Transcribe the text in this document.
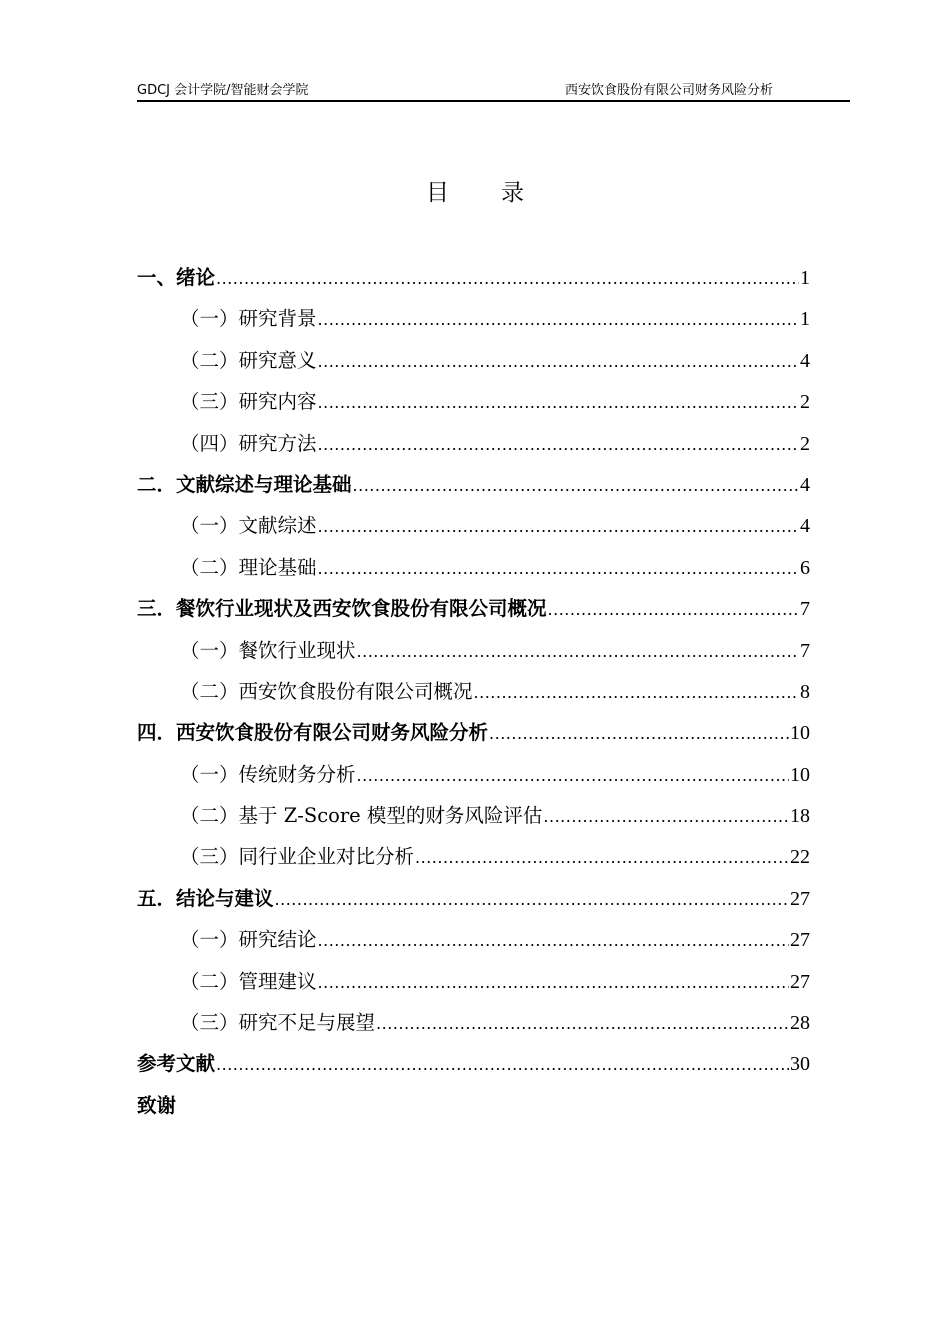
GDCJ 会计学院/智能财会学院	西安饮食股份有限公司财务风险分析
目录
一、绪论 .....	1
（一）研究背景 .....	1
（二）研究意义 .....	4
（三）研究内容 .....	2
（四）研究方法 .....	2
二．文献综述与理论基础 .....	4
（一）文献综述 .....	4
（二）理论基础 .....	6
三．餐饮行业现状及西安饮食股份有限公司概况 .....	7
（一）餐饮行业现状 .....	7
（二）西安饮食股份有限公司概况 .....	8
四．西安饮食股份有限公司财务风险分析 .....	10
（一）传统财务分析 .....	10
（二）基于 Z-Score 模型的财务风险评估 .....	18
（三）同行业企业对比分析 .....	22
五．结论与建议 .....	27
（一）研究结论 .....	27
（二）管理建议 .....	27
（三）研究不足与展望 .....	28
参考文献 .....	30
致谢
